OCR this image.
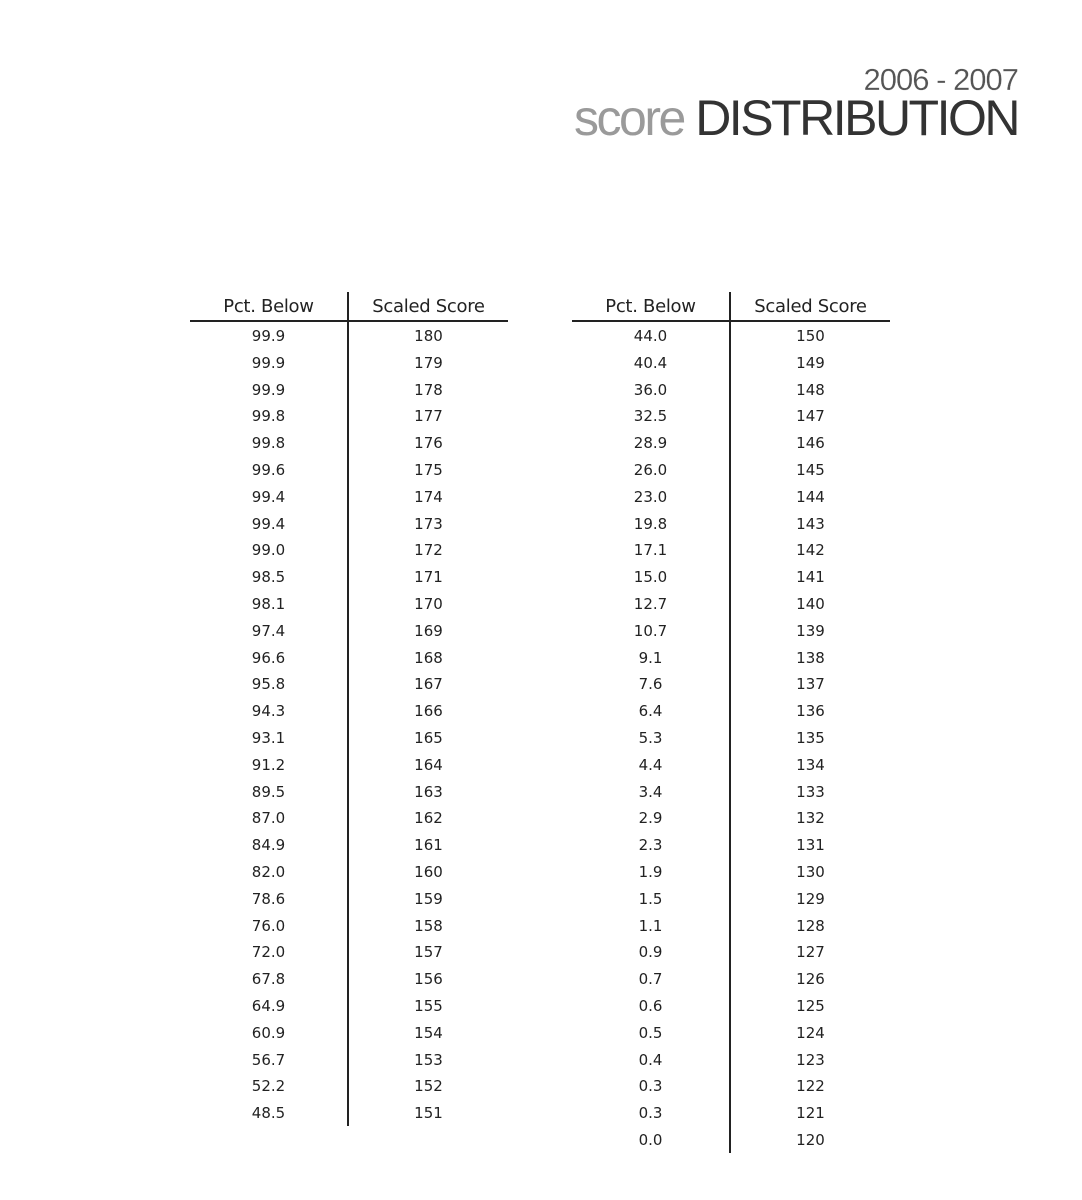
2006 - 2007
score DISTRIBUTION
Pct. Below	Scaled Score
99.9	180
99.9	179
99.9	178
99.8	177
99.8	176
99.6	175
99.4	174
99.4	173
99.0	172
98.5	171
98.1	170
97.4	169
96.6	168
95.8	167
94.3	166
93.1	165
91.2	164
89.5	163
87.0	162
84.9	161
82.0	160
78.6	159
76.0	158
72.0	157
67.8	156
64.9	155
60.9	154
56.7	153
52.2	152
48.5	151
Pct. Below	Scaled Score
44.0	150
40.4	149
36.0	148
32.5	147
28.9	146
26.0	145
23.0	144
19.8	143
17.1	142
15.0	141
12.7	140
10.7	139
9.1	138
7.6	137
6.4	136
5.3	135
4.4	134
3.4	133
2.9	132
2.3	131
1.9	130
1.5	129
1.1	128
0.9	127
0.7	126
0.6	125
0.5	124
0.4	123
0.3	122
0.3	121
0.0	120
